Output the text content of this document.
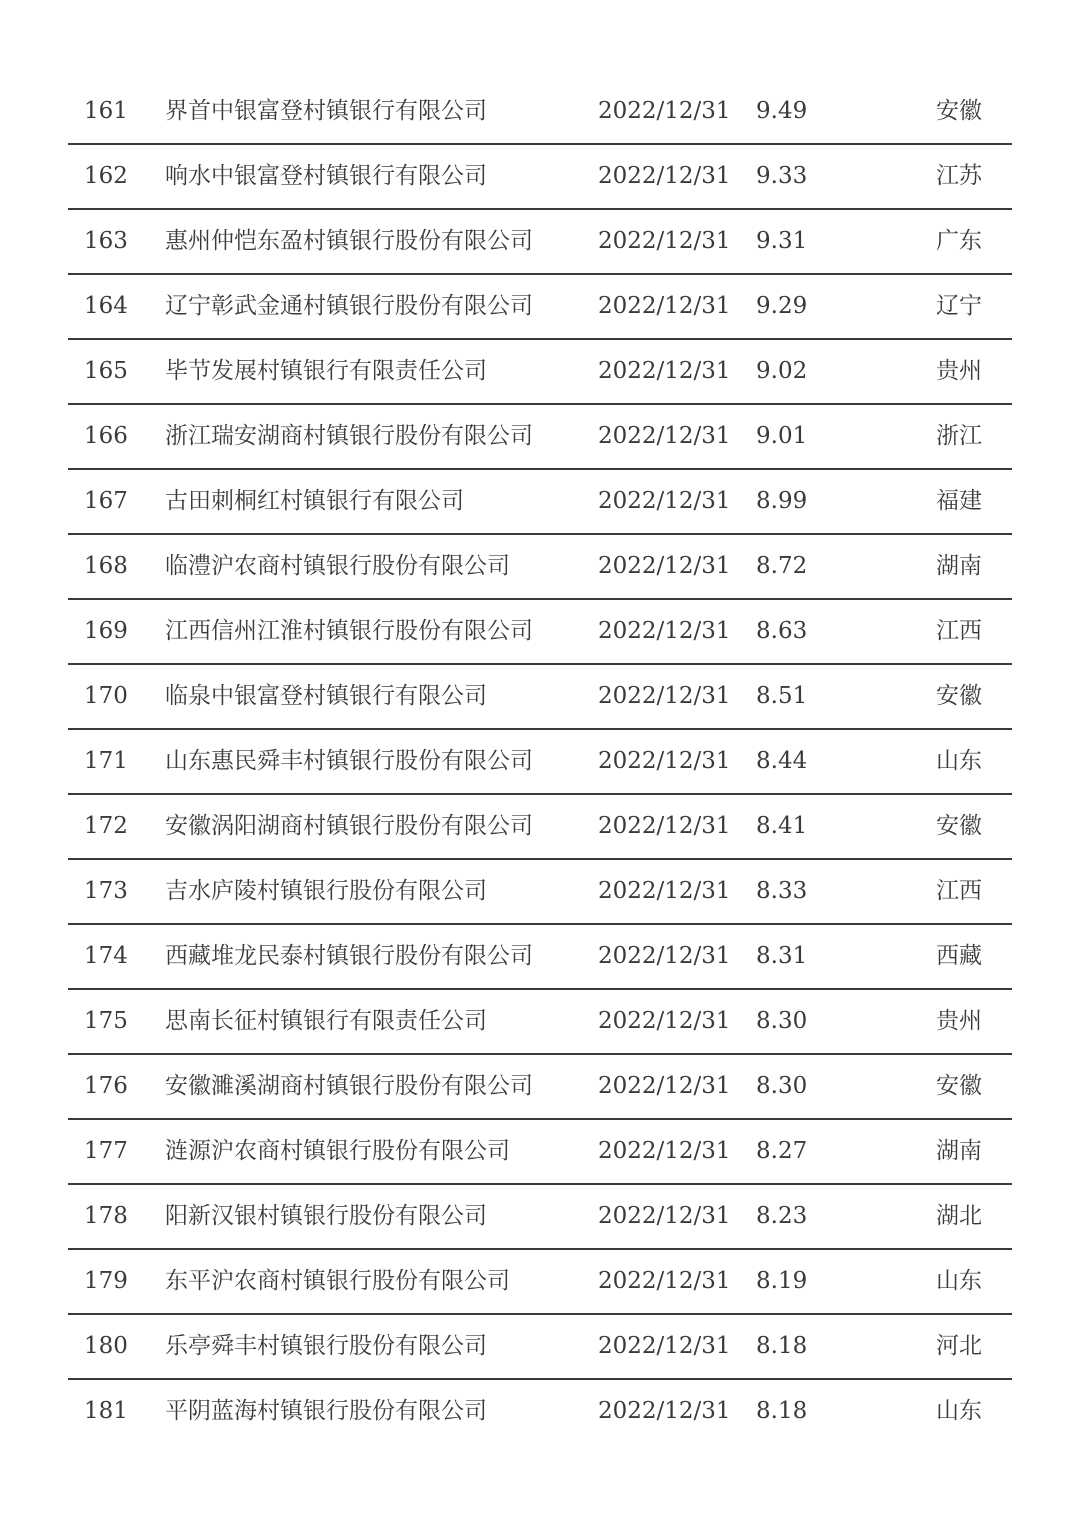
161 界首中银富登村镇银行有限公司	2022/12/31 9.49	安徽
162 响水中银富登村镇银行有限公司	2022/12/31 9.33	江苏
163 惠州仲恺东盈村镇银行股份有限公司	2022/12/31 9.31	广东
164 辽宁彰武金通村镇银行股份有限公司	2022/12/31 9.29	辽宁
165 毕节发展村镇银行有限责任公司	2022/12/31 9.02	贵州
166 浙江瑞安湖商村镇银行股份有限公司	2022/12/31 9.01	浙江
167 古田刺桐红村镇银行有限公司	2022/12/31 8.99	福建
168 临澧沪农商村镇银行股份有限公司	2022/12/31 8.72	湖南
169 江西信州江淮村镇银行股份有限公司	2022/12/31 8.63	江西
170 临泉中银富登村镇银行有限公司	2022/12/31 8.51	安徽
171 山东惠民舜丰村镇银行股份有限公司	2022/12/31 8.44	山东
172 安徽涡阳湖商村镇银行股份有限公司	2022/12/31 8.41	安徽
173 吉水庐陵村镇银行股份有限公司	2022/12/31 8.33	江西
174 西藏堆龙民泰村镇银行股份有限公司	2022/12/31 8.31	西藏
175 思南长征村镇银行有限责任公司	2022/12/31 8.30	贵州
176 安徽濉溪湖商村镇银行股份有限公司	2022/12/31 8.30	安徽
177 涟源沪农商村镇银行股份有限公司	2022/12/31 8.27	湖南
178 阳新汉银村镇银行股份有限公司	2022/12/31 8.23	湖北
179 东平沪农商村镇银行股份有限公司	2022/12/31 8.19	山东
180 乐亭舜丰村镇银行股份有限公司	2022/12/31 8.18	河北
181 平阴蓝海村镇银行股份有限公司	2022/12/31 8.18	山东
